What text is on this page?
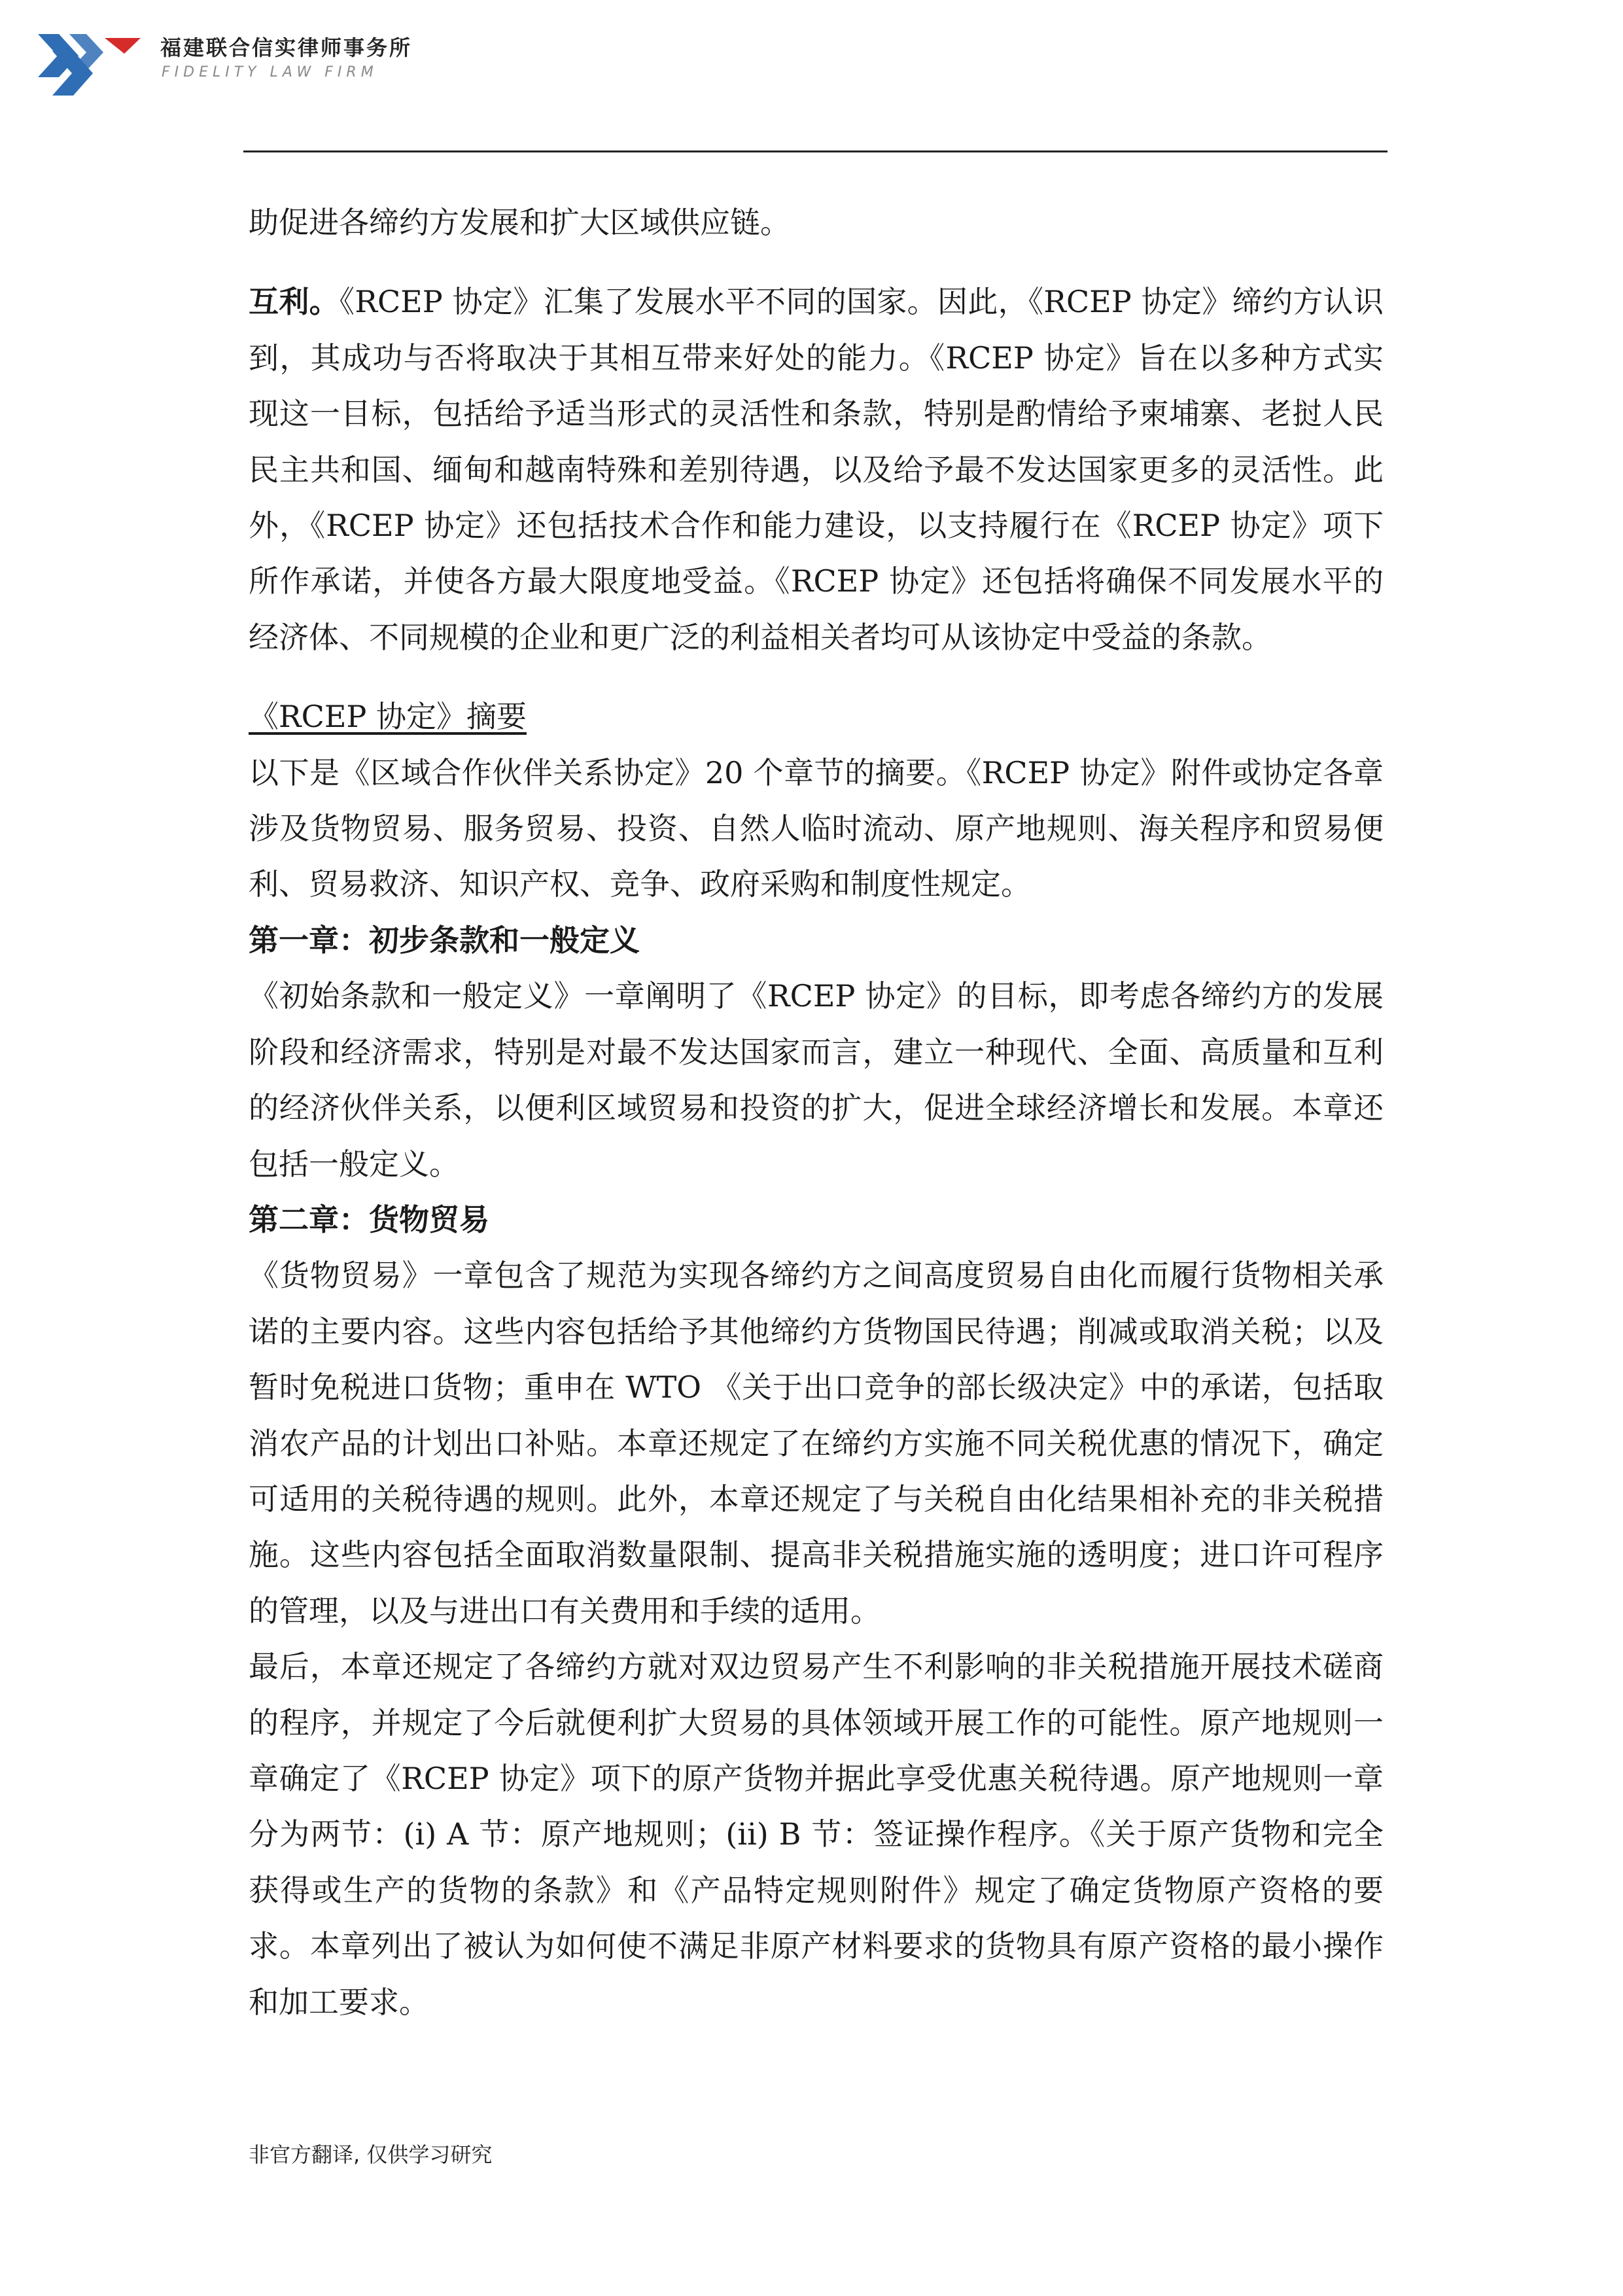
福建联合信实律师事务所
FIDELITY LAW FIRM

助促进各缔约方发展和扩大区域供应链。

互利。《RCEP 协定》汇集了发展水平不同的国家。因此，《RCEP 协定》缔约方认识到，其成功与否将取决于其相互带来好处的能力。《RCEP 协定》旨在以多种方式实现这一目标，包括给予适当形式的灵活性和条款，特别是酌情给予柬埔寨、老挝人民民主共和国、缅甸和越南特殊和差别待遇，以及给予最不发达国家更多的灵活性。此外，《RCEP 协定》还包括技术合作和能力建设，以支持履行在《RCEP 协定》项下所作承诺，并使各方最大限度地受益。《RCEP 协定》还包括将确保不同发展水平的经济体、不同规模的企业和更广泛的利益相关者均可从该协定中受益的条款。

《RCEP 协定》摘要

以下是《区域合作伙伴关系协定》20 个章节的摘要。《RCEP 协定》附件或协定各章涉及货物贸易、服务贸易、投资、自然人临时流动、原产地规则、海关程序和贸易便利、贸易救济、知识产权、竞争、政府采购和制度性规定。

第一章：初步条款和一般定义

《初始条款和一般定义》一章阐明了《RCEP 协定》的目标，即考虑各缔约方的发展阶段和经济需求，特别是对最不发达国家而言，建立一种现代、全面、高质量和互利的经济伙伴关系，以便利区域贸易和投资的扩大，促进全球经济增长和发展。本章还包括一般定义。

第二章：货物贸易

《货物贸易》一章包含了规范为实现各缔约方之间高度贸易自由化而履行货物相关承诺的主要内容。这些内容包括给予其他缔约方货物国民待遇；削减或取消关税；以及暂时免税进口货物；重申在 WTO 《关于出口竞争的部长级决定》中的承诺，包括取消农产品的计划出口补贴。本章还规定了在缔约方实施不同关税优惠的情况下，确定可适用的关税待遇的规则。此外，本章还规定了与关税自由化结果相补充的非关税措施。这些内容包括全面取消数量限制、提高非关税措施实施的透明度；进口许可程序的管理，以及与进出口有关费用和手续的适用。

最后，本章还规定了各缔约方就对双边贸易产生不利影响的非关税措施开展技术磋商的程序，并规定了今后就便利扩大贸易的具体领域开展工作的可能性。原产地规则一章确定了《RCEP 协定》项下的原产货物并据此享受优惠关税待遇。原产地规则一章分为两节：(i) A 节：原产地规则；(ii) B 节：签证操作程序。《关于原产货物和完全获得或生产的货物的条款》和《产品特定规则附件》规定了确定货物原产资格的要求。本章列出了被认为如何使不满足非原产材料要求的货物具有原产资格的最小操作和加工要求。

非官方翻译, 仅供学习研究
